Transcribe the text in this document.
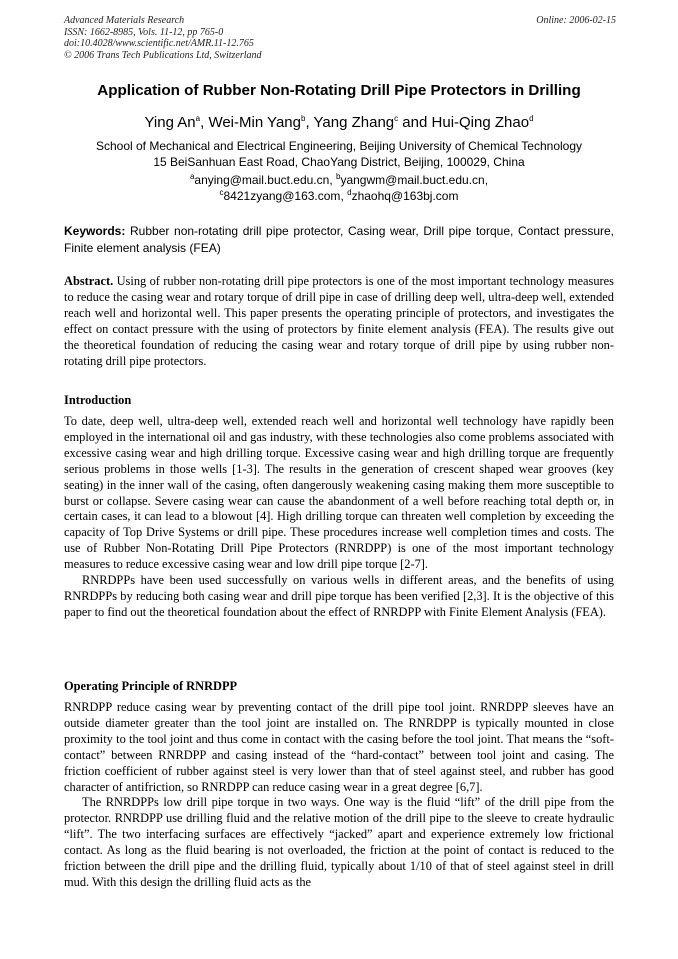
Advanced Materials Research
ISSN: 1662-8985, Vols. 11-12, pp 765-0
doi:10.4028/www.scientific.net/AMR.11-12.765
© 2006 Trans Tech Publications Ltd, Switzerland
Online: 2006-02-15
Application of Rubber Non-Rotating Drill Pipe Protectors in Drilling
Ying An$^a$, Wei-Min Yang$^b$, Yang Zhang$^c$ and Hui-Qing Zhao$^d$
School of Mechanical and Electrical Engineering, Beijing University of Chemical Technology
15 BeiSanhuan East Road, ChaoYang District, Beijing, 100029, China
$^a$anying@mail.buct.edu.cn, $^b$yangwm@mail.buct.edu.cn,
$^c$8421zyang@163.com, $^d$zhaohq@163bj.com
Keywords: Rubber non-rotating drill pipe protector, Casing wear, Drill pipe torque, Contact pressure, Finite element analysis (FEA)
Abstract. Using of rubber non-rotating drill pipe protectors is one of the most important technology measures to reduce the casing wear and rotary torque of drill pipe in case of drilling deep well, ultra-deep well, extended reach well and horizontal well. This paper presents the operating principle of protectors, and investigates the effect on contact pressure with the using of protectors by finite element analysis (FEA). The results give out the theoretical foundation of reducing the casing wear and rotary torque of drill pipe by using rubber non-rotating drill pipe protectors.
Introduction

To date, deep well, ultra-deep well, extended reach well and horizontal well technology have rapidly been employed in the international oil and gas industry, with these technologies also come problems associated with excessive casing wear and high drilling torque. Excessive casing wear and high drilling torque are frequently serious problems in those wells [1-3]. The results in the generation of crescent shaped wear grooves (key seating) in the inner wall of the casing, often dangerously weakening casing making them more susceptible to burst or collapse. Severe casing wear can cause the abandonment of a well before reaching total depth or, in certain cases, it can lead to a blowout [4]. High drilling torque can threaten well completion by exceeding the capacity of Top Drive Systems or drill pipe. These procedures increase well completion times and costs. The use of Rubber Non-Rotating Drill Pipe Protectors (RNRDPP) is one of the most important technology measures to reduce excessive casing wear and low drill pipe torque [2-7].

RNRDPPs have been used successfully on various wells in different areas, and the benefits of using RNRDPPs by reducing both casing wear and drill pipe torque has been verified [2,3]. It is the objective of this paper to find out the theoretical foundation about the effect of RNRDPP with Finite Element Analysis (FEA).

Operating Principle of RNRDPP

RNRDPP reduce casing wear by preventing contact of the drill pipe tool joint. RNRDPP sleeves have an outside diameter greater than the tool joint are installed on. The RNRDPP is typically mounted in close proximity to the tool joint and thus come in contact with the casing before the tool joint. That means the “soft-contact” between RNRDPP and casing instead of the “hard-contact” between tool joint and casing. The friction coefficient of rubber against steel is very lower than that of steel against steel, and rubber has good character of antifriction, so RNRDPP can reduce casing wear in a great degree [6,7].

The RNRDPPs low drill pipe torque in two ways. One way is the fluid “lift” of the drill pipe from the protector. RNRDPP use drilling fluid and the relative motion of the drill pipe to the sleeve to create hydraulic “lift”. The two interfacing surfaces are effectively “jacked” apart and experience extremely low frictional contact. As long as the fluid bearing is not overloaded, the friction at the point of contact is reduced to the friction between the drill pipe and the drilling fluid, typically about 1/10 of that of steel against steel in drill mud. With this design the drilling fluid acts as the
